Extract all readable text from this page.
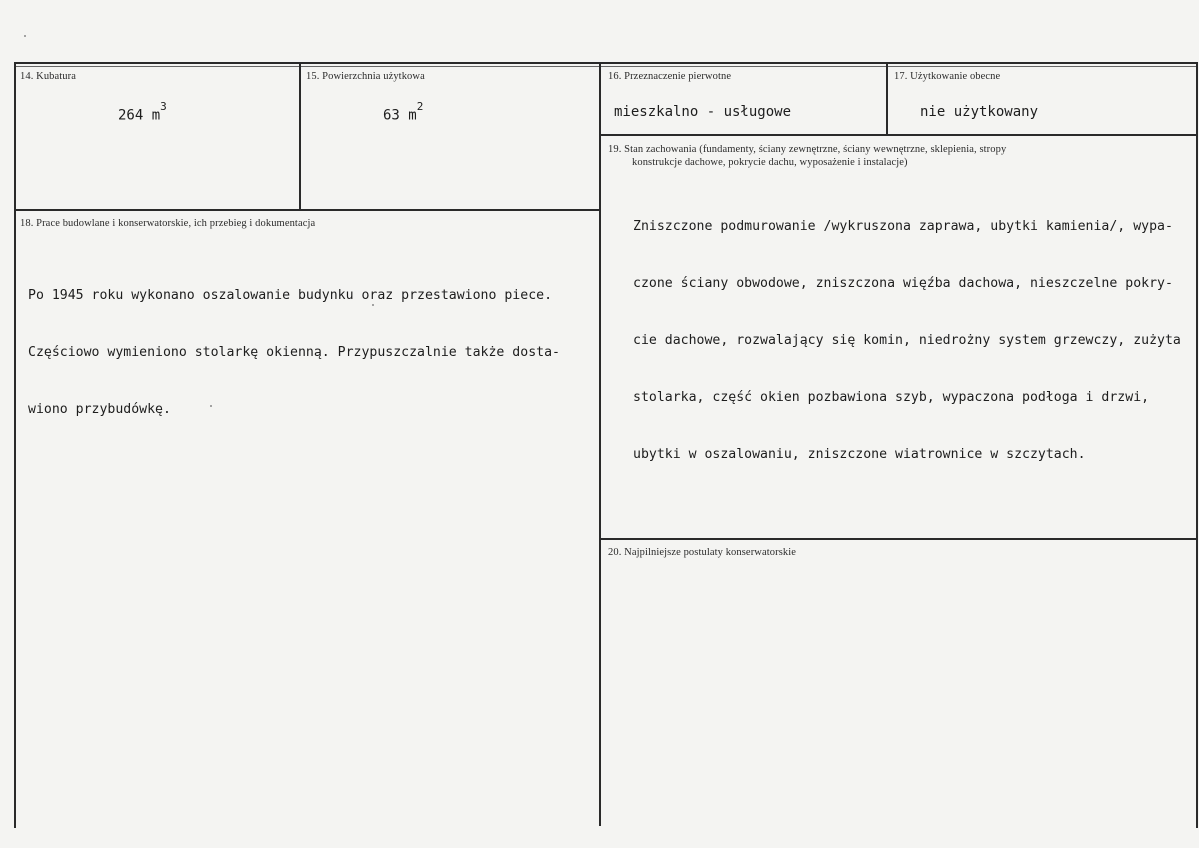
14. Kubatura
264 $m^3$
15. Powierzchnia użytkowa
63 $m^2$
16. Przeznaczenie pierwotne
mieszkalno - usługowe
17. Użytkowanie obecne
nie użytkowany
19. Stan zachowania (fundamenty, ściany zewnętrzne, ściany wewnętrzne, sklepienia, stropy
konstrukcje dachowe, pokrycie dachu, wyposażenie i instalacje)

Zniszczone podmurowanie /wykruszona zaprawa, ubytki kamienia/, wypa-

czone ściany obwodowe, zniszczona więźba dachowa, nieszczelne pokry-

cie dachowe, rozwalający się komin, niedrożny system grzewczy, zużyta

stolarka, część okien pozbawiona szyb, wypaczona podłoga i drzwi,

ubytki w oszalowaniu, zniszczone wiatrownice w szczytach.

18. Prace budowlane i konserwatorskie, ich przebieg i dokumentacja

Po 1945 roku wykonano oszalowanie budynku oraz przestawiono piece.

Częściowo wymieniono stolarkę okienną. Przypuszczalnie także dosta-

wiono przybudówkę.

20. Najpilniejsze postulaty konserwatorskie
